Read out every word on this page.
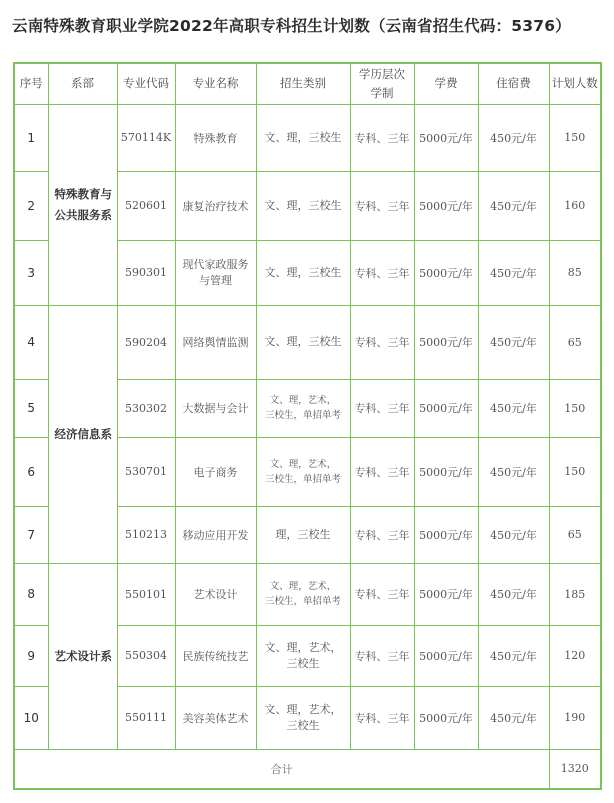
云南特殊教育职业学院2022年高职专科招生计划数（云南省招生代码：5376）
序号	系部	专业代码	专业名称	招生类别	学历层次
学制	学费	住宿费	计划人数
1	特殊教育与
公共服务系	570114K	特殊教育	文、理，三校生	专科、三年	5000元/年	450元/年	150
2		520601	康复治疗技术	文、理，三校生	专科、三年	5000元/年	450元/年	160
3		590301	现代家政服务
与管理	文、理，三校生	专科、三年	5000元/年	450元/年	85
4	经济信息系	590204	网络舆情监测	文、理，三校生	专科、三年	5000元/年	450元/年	65
5		530302	大数据与会计	文、理，艺术，
三校生，单招单考	专科、三年	5000元/年	450元/年	150
6		530701	电子商务	文、理，艺术，
三校生，单招单考	专科、三年	5000元/年	450元/年	150
7		510213	移动应用开发	理，三校生	专科、三年	5000元/年	450元/年	65
8	艺术设计系	550101	艺术设计	文、理，艺术，
三校生，单招单考	专科、三年	5000元/年	450元/年	185
9		550304	民族传统技艺	文、理，艺术，
三校生	专科、三年	5000元/年	450元/年	120
10		550111	美容美体艺术	文、理，艺术，
三校生	专科、三年	5000元/年	450元/年	190
合计								1320
